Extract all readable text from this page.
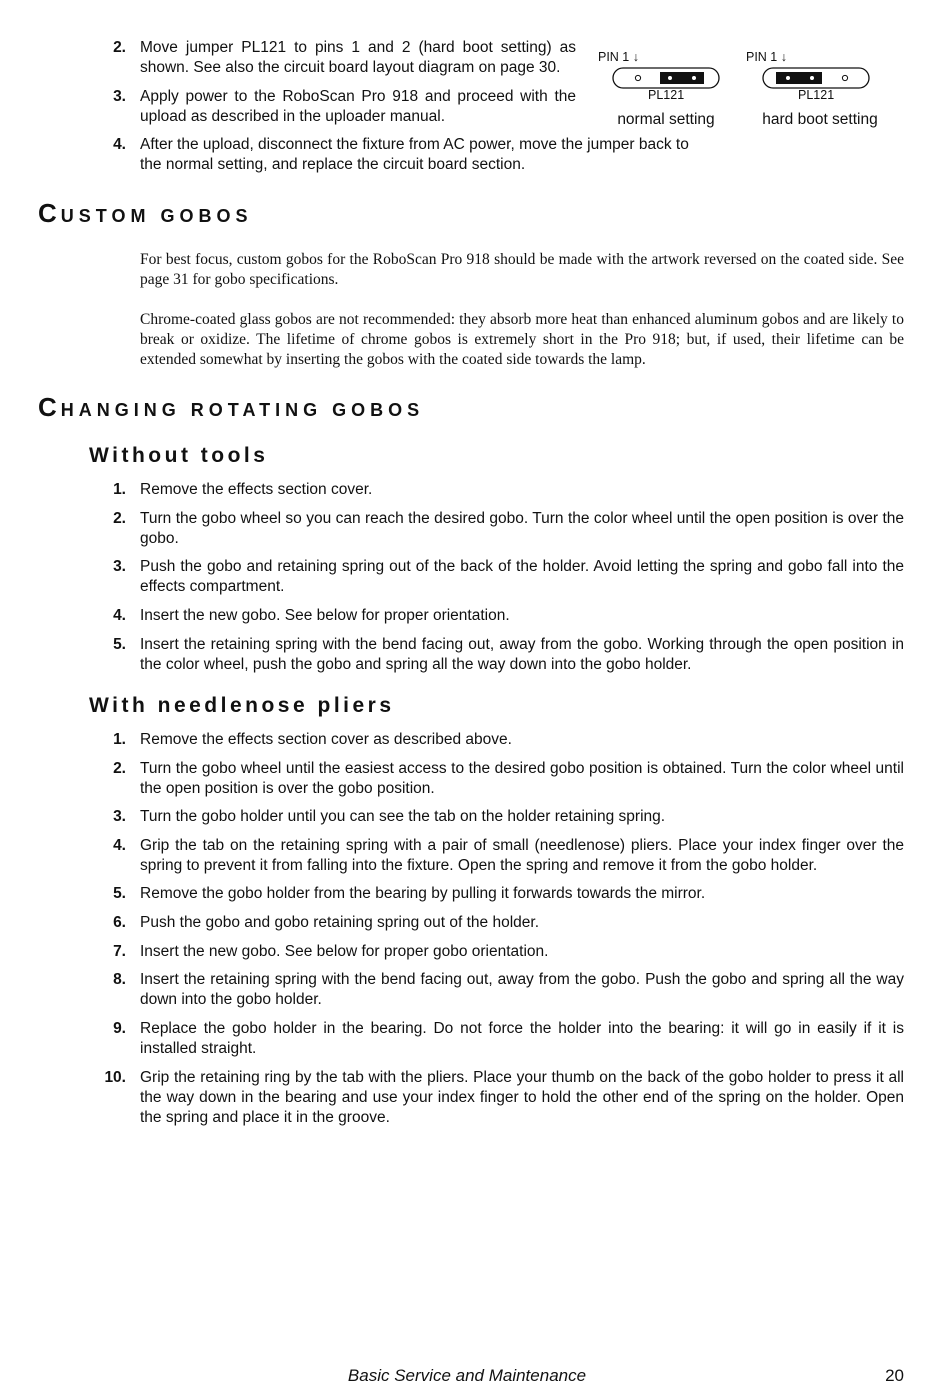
2. Move jumper PL121 to pins 1 and 2 (hard boot setting) as shown. See also the circuit board layout diagram on page 30.
3. Apply power to the RoboScan Pro 918 and proceed with the upload as described in the uploader manual.
4. After the upload, disconnect the fixture from AC power, move the jumper back to the normal setting, and replace the circuit board section.
PIN 1 ↓
PL121
normal setting
PIN 1 ↓
PL121
hard boot setting
CUSTOM GOBOS
For best focus, custom gobos for the RoboScan Pro 918 should be made with the artwork reversed on the coated side. See page 31 for gobo specifications.
Chrome-coated glass gobos are not recommended: they absorb more heat than enhanced aluminum gobos and are likely to break or oxidize. The lifetime of chrome gobos is extremely short in the Pro 918; but, if used, their lifetime can be extended somewhat by inserting the gobos with the coated side towards the lamp.
CHANGING ROTATING GOBOS
Without tools
1. Remove the effects section cover.
2. Turn the gobo wheel so you can reach the desired gobo. Turn the color wheel until the open position is over the gobo.
3. Push the gobo and retaining spring out of the back of the holder. Avoid letting the spring and gobo fall into the effects compartment.
4. Insert the new gobo. See below for proper orientation.
5. Insert the retaining spring with the bend facing out, away from the gobo. Working through the open position in the color wheel, push the gobo and spring all the way down into the gobo holder.
With needlenose pliers
1. Remove the effects section cover as described above.
2. Turn the gobo wheel until the easiest access to the desired gobo position is obtained. Turn the color wheel until the open position is over the gobo position.
3. Turn the gobo holder until you can see the tab on the holder retaining spring.
4. Grip the tab on the retaining spring with a pair of small (needlenose) pliers. Place your index finger over the spring to prevent it from falling into the fixture. Open the spring and remove it from the gobo holder.
5. Remove the gobo holder from the bearing by pulling it forwards towards the mirror.
6. Push the gobo and gobo retaining spring out of the holder.
7. Insert the new gobo. See below for proper gobo orientation.
8. Insert the retaining spring with the bend facing out, away from the gobo. Push the gobo and spring all the way down into the gobo holder.
9. Replace the gobo holder in the bearing. Do not force the holder into the bearing: it will go in easily if it is installed straight.
10. Grip the retaining ring by the tab with the pliers. Place your thumb on the back of the gobo holder to press it all the way down in the bearing and use your index finger to hold the other end of the spring on the holder. Open the spring and place it in the groove.
Basic Service and Maintenance	20
